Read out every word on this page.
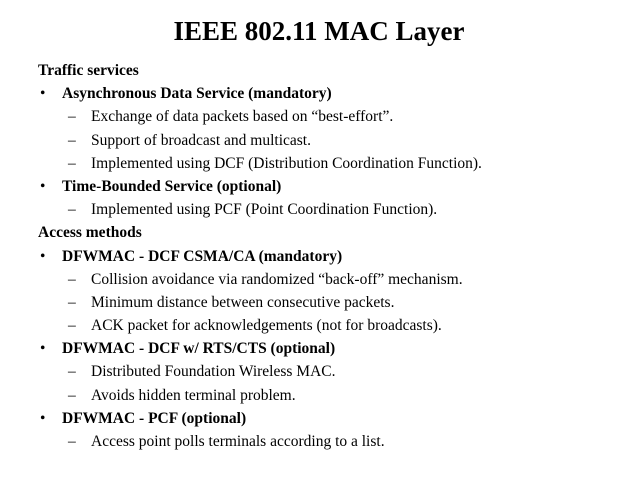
IEEE 802.11 MAC Layer
Traffic services
• Asynchronous Data Service (mandatory)
– Exchange of data packets based on “best-effort”.
– Support of broadcast and multicast.
– Implemented using DCF (Distribution Coordination Function).
• Time-Bounded Service (optional)
– Implemented using PCF (Point Coordination Function).
Access methods
• DFWMAC - DCF CSMA/CA (mandatory)
– Collision avoidance via randomized “back-off” mechanism.
– Minimum distance between consecutive packets.
– ACK packet for acknowledgements (not for broadcasts).
• DFWMAC - DCF w/ RTS/CTS (optional)
– Distributed Foundation Wireless MAC.
– Avoids hidden terminal problem.
• DFWMAC - PCF (optional)
– Access point polls terminals according to a list.
